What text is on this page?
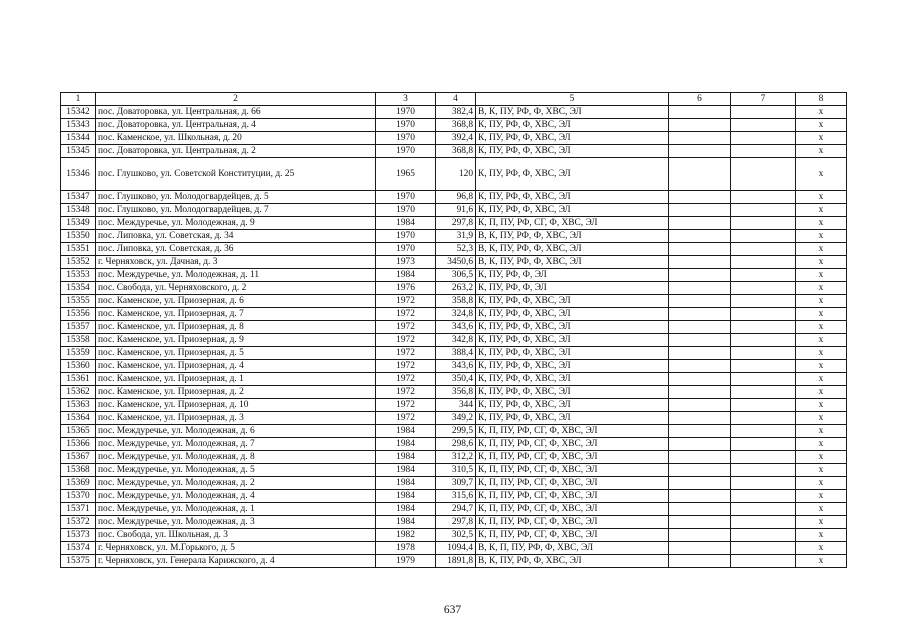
1	2	3	4	5	6	7	8
15342	пос. Доваторовка, ул. Центральная, д. 66	1970	382,4	В, К, ПУ, РФ, Ф, ХВС, ЭЛ			х
15343	пос. Доваторовка, ул. Центральная, д. 4	1970	368,8	К, ПУ, РФ, Ф, ХВС, ЭЛ			х
15344	пос. Каменское, ул. Школьная, д. 20	1970	392,4	К, ПУ, РФ, Ф, ХВС, ЭЛ			х
15345	пос. Доваторовка, ул. Центральная, д. 2	1970	368,8	К, ПУ, РФ, Ф, ХВС, ЭЛ			х
15346	пос. Глушково, ул. Советской Конституции, д. 25	1965	120	К, ПУ, РФ, Ф, ХВС, ЭЛ			х
15347	пос. Глушково, ул. Молодогвардейцев, д. 5	1970	96,8	К, ПУ, РФ, Ф, ХВС, ЭЛ			х
15348	пос. Глушково, ул. Молодогвардейцев, д. 7	1970	91,6	К, ПУ, РФ, Ф, ХВС, ЭЛ			х
15349	пос. Междуречье, ул. Молодежная, д. 9	1984	297,8	К, П, ПУ, РФ, СГ, Ф, ХВС, ЭЛ			х
15350	пос. Липовка, ул. Советская, д. 34	1970	31,9	В, К, ПУ, РФ, Ф, ХВС, ЭЛ			х
15351	пос. Липовка, ул. Советская, д. 36	1970	52,3	В, К, ПУ, РФ, Ф, ХВС, ЭЛ			х
15352	г. Черняховск, ул. Дачная, д. 3	1973	3450,6	В, К, ПУ, РФ, Ф, ХВС, ЭЛ			х
15353	пос. Междуречье, ул. Молодежная, д. 11	1984	306,5	К, ПУ, РФ, Ф, ЭЛ			х
15354	пос. Свобода, ул. Черняховского, д. 2	1976	263,2	К, ПУ, РФ, Ф, ЭЛ			х
15355	пос. Каменское, ул. Приозерная, д. 6	1972	358,8	К, ПУ, РФ, Ф, ХВС, ЭЛ			х
15356	пос. Каменское, ул. Приозерная, д. 7	1972	324,8	К, ПУ, РФ, Ф, ХВС, ЭЛ			х
15357	пос. Каменское, ул. Приозерная, д. 8	1972	343,6	К, ПУ, РФ, Ф, ХВС, ЭЛ			х
15358	пос. Каменское, ул. Приозерная, д. 9	1972	342,8	К, ПУ, РФ, Ф, ХВС, ЭЛ			х
15359	пос. Каменское, ул. Приозерная, д. 5	1972	388,4	К, ПУ, РФ, Ф, ХВС, ЭЛ			х
15360	пос. Каменское, ул. Приозерная, д. 4	1972	343,6	К, ПУ, РФ, Ф, ХВС, ЭЛ			х
15361	пос. Каменское, ул. Приозерная, д. 1	1972	350,4	К, ПУ, РФ, Ф, ХВС, ЭЛ			х
15362	пос. Каменское, ул. Приозерная, д. 2	1972	356,8	К, ПУ, РФ, Ф, ХВС, ЭЛ			х
15363	пос. Каменское, ул. Приозерная, д. 10	1972	344	К, ПУ, РФ, Ф, ХВС, ЭЛ			х
15364	пос. Каменское, ул. Приозерная, д. 3	1972	349,2	К, ПУ, РФ, Ф, ХВС, ЭЛ			х
15365	пос. Междуречье, ул. Молодежная, д. 6	1984	299,5	К, П, ПУ, РФ, СГ, Ф, ХВС, ЭЛ			х
15366	пос. Междуречье, ул. Молодежная, д. 7	1984	298,6	К, П, ПУ, РФ, СГ, Ф, ХВС, ЭЛ			х
15367	пос. Междуречье, ул. Молодежная, д. 8	1984	312,2	К, П, ПУ, РФ, СГ, Ф, ХВС, ЭЛ			х
15368	пос. Междуречье, ул. Молодежная, д. 5	1984	310,5	К, П, ПУ, РФ, СГ, Ф, ХВС, ЭЛ			х
15369	пос. Междуречье, ул. Молодежная, д. 2	1984	309,7	К, П, ПУ, РФ, СГ, Ф, ХВС, ЭЛ			х
15370	пос. Междуречье, ул. Молодежная, д. 4	1984	315,6	К, П, ПУ, РФ, СГ, Ф, ХВС, ЭЛ			х
15371	пос. Междуречье, ул. Молодежная, д. 1	1984	294,7	К, П, ПУ, РФ, СГ, Ф, ХВС, ЭЛ			х
15372	пос. Междуречье, ул. Молодежная, д. 3	1984	297,8	К, П, ПУ, РФ, СГ, Ф, ХВС, ЭЛ			х
15373	пос. Свобода, ул. Школьная, д. 3	1982	302,5	К, П, ПУ, РФ, СГ, Ф, ХВС, ЭЛ			х
15374	г. Черняховск, ул. М.Горького, д. 5	1978	1094,4	В, К, П, ПУ, РФ, Ф, ХВС, ЭЛ			х
15375	г. Черняховск, ул. Генерала Карижского, д. 4	1979	1891,8	В, К, ПУ, РФ, Ф, ХВС, ЭЛ			х
637
